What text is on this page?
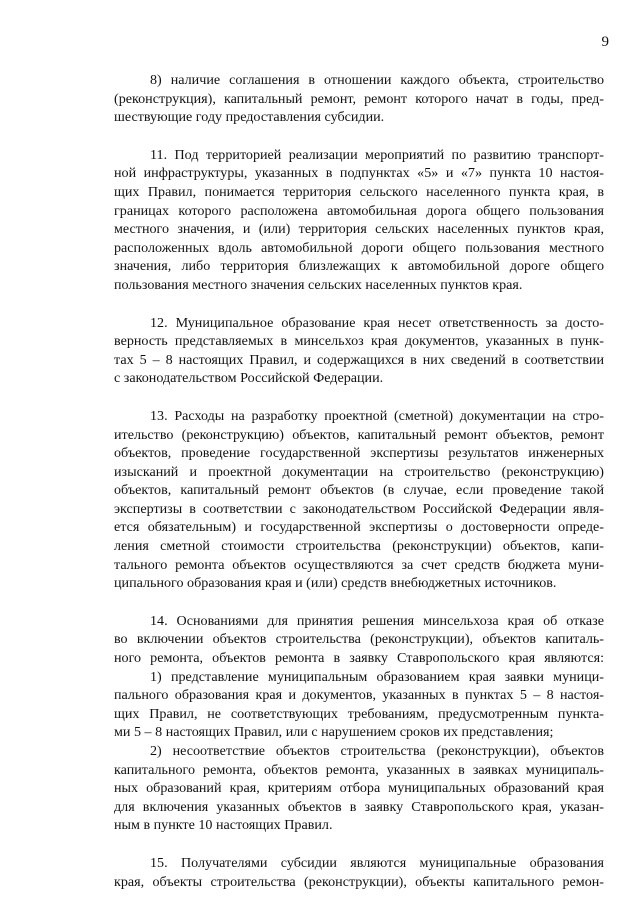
9
8) наличие соглашения в отношении каждого объекта, строительство
(реконструкция), капитальный ремонт, ремонт которого начат в годы, пред-
шествующие году предоставления субсидии.
11. Под территорией реализации мероприятий по развитию транспорт-
ной инфраструктуры, указанных в подпунктах «5» и «7» пункта 10 настоя-
щих Правил, понимается территория сельского населенного пункта края, в
границах которого расположена автомобильная дорога общего пользования
местного значения, и (или) территория сельских населенных пунктов края,
расположенных вдоль автомобильной дороги общего пользования местного
значения, либо территория близлежащих к автомобильной дороге общего
пользования местного значения сельских населенных пунктов края.
12. Муниципальное образование края несет ответственность за досто-
верность представляемых в минсельхоз края документов, указанных в пунк-
тах 5 – 8 настоящих Правил, и содержащихся в них сведений в соответствии
с законодательством Российской Федерации.
13. Расходы на разработку проектной (сметной) документации на стро-
ительство (реконструкцию) объектов, капитальный ремонт объектов, ремонт
объектов, проведение государственной экспертизы результатов инженерных
изысканий и проектной документации на строительство (реконструкцию)
объектов, капитальный ремонт объектов (в случае, если проведение такой
экспертизы в соответствии с законодательством Российской Федерации явля-
ется обязательным) и государственной экспертизы о достоверности опреде-
ления сметной стоимости строительства (реконструкции) объектов, капи-
тального ремонта объектов осуществляются за счет средств бюджета муни-
ципального образования края и (или) средств внебюджетных источников.
14. Основаниями для принятия решения минсельхоза края об отказе
во включении объектов строительства (реконструкции), объектов капиталь-
ного ремонта, объектов ремонта в заявку Ставропольского края являются:
1) представление муниципальным образованием края заявки муници-
пального образования края и документов, указанных в пунктах 5 – 8 настоя-
щих Правил, не соответствующих требованиям, предусмотренным пункта-
ми 5 – 8 настоящих Правил, или с нарушением сроков их представления;
2) несоответствие объектов строительства (реконструкции), объектов
капитального ремонта, объектов ремонта, указанных в заявках муниципаль-
ных образований края, критериям отбора муниципальных образований края
для включения указанных объектов в заявку Ставропольского края, указан-
ным в пункте 10 настоящих Правил.
15. Получателями субсидии являются муниципальные образования
края, объекты строительства (реконструкции), объекты капитального ремон-
